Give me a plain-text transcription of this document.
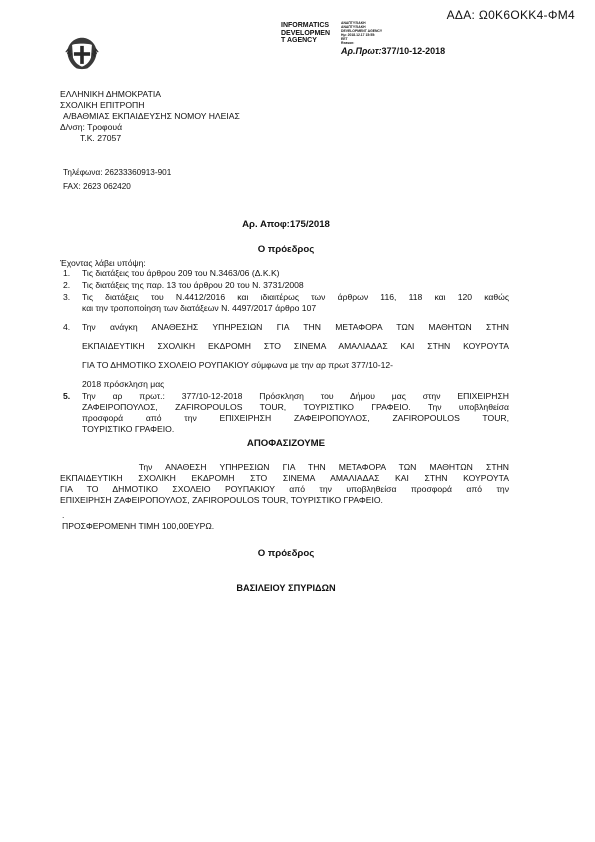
ΑΔΑ: Ω0Κ6ΟΚΚ4-ΦΜ4
INFORMATICS
DEVELOPMEN
T AGENCY
ΑΝΑΠΤΥΞΙΑΚΗ
ΑΝΑΠΤΥΞΙΑΚΗ
DEVELOPMENT AGENCY
Ημ: 2018.12.17 15:55:
EET
Reason:
Αρ.Πρωτ:377/10-12-2018
ΕΛΛΗΝΙΚΗ ΔΗΜΟΚΡΑΤΙΑ
ΣΧΟΛΙΚΗ ΕΠΙΤΡΟΠΗ
Α/ΒΑΘΜΙΑΣ ΕΚΠΑΙΔΕΥΣΗΣ ΝΟΜΟΥ ΗΛΕΙΑΣ
Δ/νση: Τροφουά
Τ.Κ. 27057
Τηλέφωνα: 26233360913-901
FAX: 2623 062420
Αρ. Αποφ:175/2018
Ο πρόεδρος
Έχοντας λάβει υπόψη:
1. Τις διατάξεις του άρθρου 209 του Ν.3463/06 (Δ.Κ.Κ)
2. Τις διατάξεις της παρ. 13 του άρθρου 20 του Ν. 3731/2008
3. Τις διατάξεις του Ν.4412/2016 και ιδιαιτέρως των άρθρων 116, 118 και 120 καθώς
και την τροποποίηση των διατάξεων Ν. 4497/2017 άρθρο 107
4. Την ανάγκη ΑΝΑΘΕΣΗΣ ΥΠΗΡΕΣΙΩΝ ΓΙΑ ΤΗΝ ΜΕΤΑΦΟΡΑ ΤΩΝ ΜΑΘΗΤΩΝ ΣΤΗΝ
ΕΚΠΑΙΔΕΥΤΙΚΗ ΣΧΟΛΙΚΗ ΕΚΔΡΟΜΗ ΣΤΟ ΣΙΝΕΜΑ ΑΜΑΛΙΑΔΑΣ ΚΑΙ ΣΤΗΝ ΚΟΥΡΟΥΤΑ
ΓΙΑ ΤΟ ΔΗΜΟΤΙΚΟ ΣΧΟΛΕΙΟ ΡΟΥΠΑΚΙΟΥ σύμφωνα με την αρ πρωτ 377/10-12-
2018 πρόσκληση μας
5. Την αρ πρωτ.: 377/10-12-2018 Πρόσκληση του Δήμου μας στην ΕΠΙΧΕΙΡΗΣΗ
ΖΑΦΕΙΡΟΠΟΥΛΟΣ, ZAFIROPOULOS TOUR, ΤΟΥΡΙΣΤΙΚΟ ΓΡΑΦΕΙΟ. Την υποβληθείσα
προσφορά από την ΕΠΙΧΕΙΡΗΣΗ ΖΑΦΕΙΡΟΠΟΥΛΟΣ, ZAFIROPOULOS TOUR,
ΤΟΥΡΙΣΤΙΚΟ ΓΡΑΦΕΙΟ.
ΑΠΟΦΑΣΙΖΟΥΜΕ
Την ΑΝΑΘΕΣΗ ΥΠΗΡΕΣΙΩΝ ΓΙΑ ΤΗΝ ΜΕΤΑΦΟΡΑ ΤΩΝ ΜΑΘΗΤΩΝ ΣΤΗΝ
ΕΚΠΑΙΔΕΥΤΙΚΗ ΣΧΟΛΙΚΗ ΕΚΔΡΟΜΗ ΣΤΟ ΣΙΝΕΜΑ ΑΜΑΛΙΑΔΑΣ ΚΑΙ ΣΤΗΝ ΚΟΥΡΟΥΤΑ
ΓΙΑ ΤΟ ΔΗΜΟΤΙΚΟ ΣΧΟΛΕΙΟ ΡΟΥΠΑΚΙΟΥ από την υποβληθείσα προσφορά από την
ΕΠΙΧΕΙΡΗΣΗ ΖΑΦΕΙΡΟΠΟΥΛΟΣ, ZAFIROPOULOS TOUR, ΤΟΥΡΙΣΤΙΚΟ ΓΡΑΦΕΙΟ.
.
ΠΡΟΣΦΕΡΟΜΕΝΗ ΤΙΜΗ 100,00ΕΥΡΩ.
Ο πρόεδρος
ΒΑΣΙΛΕΙΟΥ ΣΠΥΡΙΔΩΝ
